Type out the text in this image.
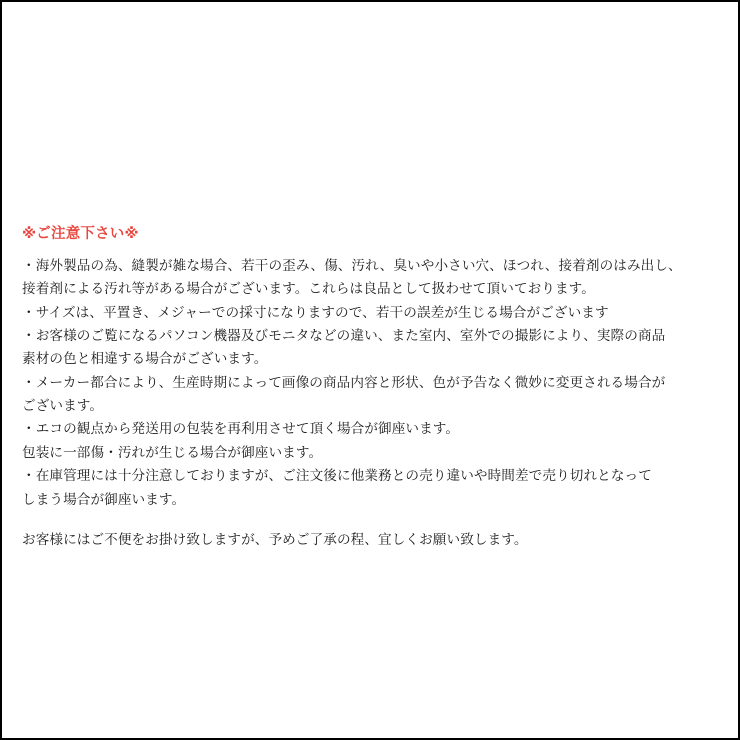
※ご注意下さい※

・海外製品の為、縫製が雑な場合、若干の歪み、傷、汚れ、臭いや小さい穴、ほつれ、接着剤のはみ出し、

接着剤による汚れ等がある場合がございます。これらは良品として扱わせて頂いております。

・サイズは、平置き、メジャーでの採寸になりますので、若干の誤差が生じる場合がございます

・お客様のご覧になるパソコン機器及びモニタなどの違い、また室内、室外での撮影により、実際の商品

素材の色と相違する場合がございます。

・メーカー都合により、生産時期によって画像の商品内容と形状、色が予告なく微妙に変更される場合が

ございます。

・エコの観点から発送用の包装を再利用させて頂く場合が御座います。

包装に一部傷・汚れが生じる場合が御座います。

・在庫管理には十分注意しておりますが、ご注文後に他業務との売り違いや時間差で売り切れとなって

しまう場合が御座います。

お客様にはご不便をお掛け致しますが、予めご了承の程、宜しくお願い致します。
